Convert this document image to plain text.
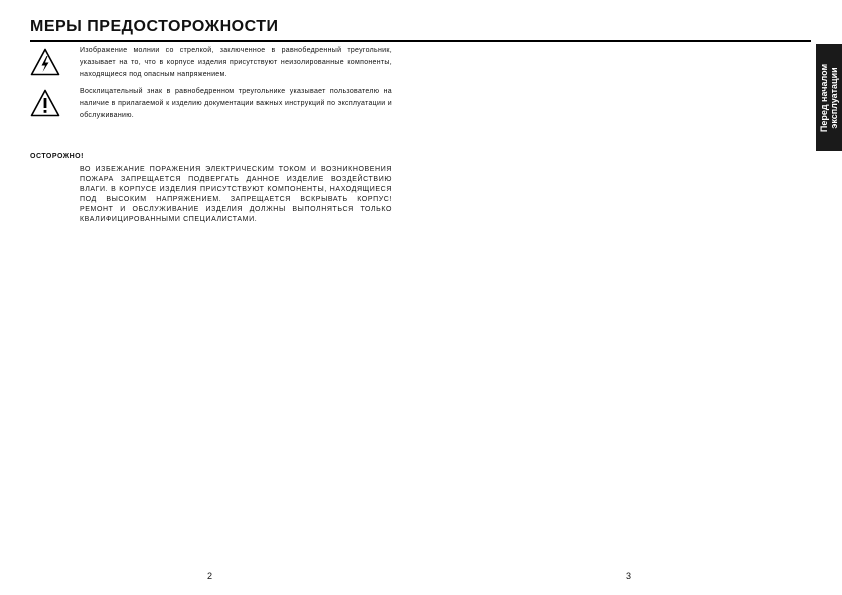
МЕРЫ ПРЕДОСТОРОЖНОСТИ
Перед началом эксплуатации
Изображение молнии со стрелкой, заключенное в равнобедренный треугольник, указывает на то, что в корпусе изделия присутствуют неизолированные компоненты, находящиеся под опасным напряжением.
Восклицательный знак в равнобедренном треугольнике указывает пользователю на наличие в прилагаемой к изделию документации важных инструкций по эксплуатации и обслуживанию.
ОСТОРОЖНО!
ВО ИЗБЕЖАНИЕ ПОРАЖЕНИЯ ЭЛЕКТРИЧЕСКИМ ТОКОМ И ВОЗНИКНОВЕНИЯ ПОЖАРА ЗАПРЕЩАЕТСЯ ПОДВЕРГАТЬ ДАННОЕ ИЗДЕЛИЕ ВОЗДЕЙСТВИЮ ВЛАГИ. В КОРПУСЕ ИЗДЕЛИЯ ПРИСУТСТВУЮТ КОМПОНЕНТЫ, НАХОДЯЩИЕСЯ ПОД ВЫСОКИМ НАПРЯЖЕНИЕМ. ЗАПРЕЩАЕТСЯ ВСКРЫВАТЬ КОРПУС! РЕМОНТ И ОБСЛУЖИВАНИЕ ИЗДЕЛИЯ ДОЛЖНЫ ВЫПОЛНЯТЬСЯ ТОЛЬКО КВАЛИФИЦИРОВАННЫМИ СПЕЦИАЛИСТАМИ.
2	3
